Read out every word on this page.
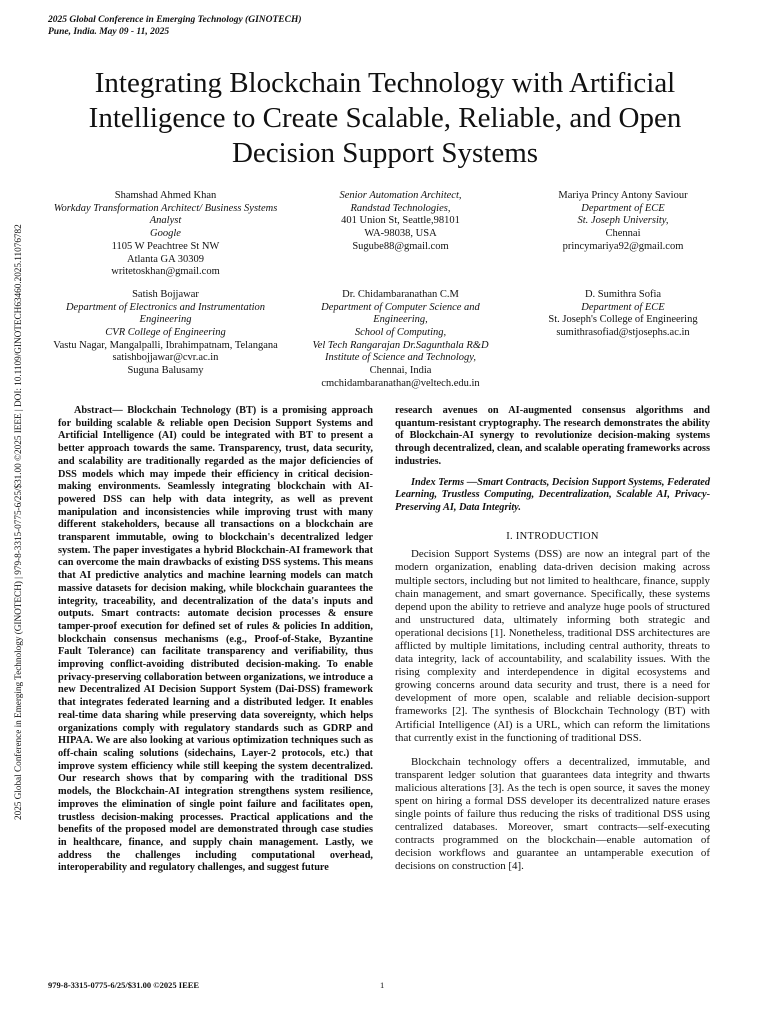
2025 Global Conference in Emerging Technology (GINOTECH)
Pune, India. May 09 - 11, 2025
2025 Global Conference in Emerging Technology (GINOTECH) | 979-8-3315-0775-6/25/$31.00 ©2025 IEEE | DOI: 10.1109/GINOTECH63460.2025.11076782
Integrating Blockchain Technology with Artificial Intelligence to Create Scalable, Reliable, and Open Decision Support Systems
Shamshad Ahmed Khan
Workday Transformation Architect/ Business Systems Analyst
Google
1105 W Peachtree St NW
Atlanta GA 30309
writetoskhan@gmail.com
Senior Automation Architect,
Randstad Technologies,
401 Union St, Seattle,98101
WA-98038, USA
Sugube88@gmail.com
Mariya Princy Antony Saviour
Department of ECE
St. Joseph University,
Chennai
princymariya92@gmail.com
Satish Bojjawar
Department of Electronics and Instrumentation Engineering
CVR College of Engineering
Vastu Nagar, Mangalpalli, Ibrahimpatnam, Telangana
satishbojjawar@cvr.ac.in
Suguna Balusamy
Dr. Chidambaranathan C.M
Department of Computer Science and Engineering,
School of Computing,
Vel Tech Rangarajan Dr.Sagunthala R&D Institute of Science and Technology,
Chennai, India
cmchidambaranathan@veltech.edu.in
D. Sumithra Sofia
Department of ECE
St. Joseph's College of Engineering
sumithrasofiad@stjosephs.ac.in

Abstract— Blockchain Technology (BT) is a promising approach for building scalable & reliable open Decision Support Systems and Artificial Intelligence (AI) could be integrated with BT to present a better approach towards the same. Transparency, trust, data security, and scalability are traditionally regarded as the major deficiencies of DSS models which may impede their efficiency in critical decision-making environments. Seamlessly integrating blockchain with AI-powered DSS can help with data integrity, as well as prevent manipulation and inconsistencies while improving trust with many different stakeholders, because all transactions on a blockchain are transparent immutable, owing to blockchain's decentralized ledger system. The paper investigates a hybrid Blockchain-AI framework that can overcome the main drawbacks of existing DSS systems. This means that AI predictive analytics and machine learning models can match massive datasets for decision making, while blockchain guarantees the integrity, traceability, and decentralization of the data's inputs and outputs. Smart contracts: automate decision processes & ensure tamper-proof execution for defined set of rules & policies In addition, blockchain consensus mechanisms (e.g., Proof-of-Stake, Byzantine Fault Tolerance) can facilitate transparency and verifiability, thus improving conflict-avoiding distributed decision-making. To enable privacy-preserving collaboration between organizations, we introduce a new Decentralized AI Decision Support System (Dai-DSS) framework that integrates federated learning and a distributed ledger. It enables real-time data sharing while preserving data sovereignty, which helps organizations comply with regulatory standards such as GDRP and HIPAA. We are also looking at various optimization techniques such as off-chain scaling solutions (sidechains, Layer-2 protocols, etc.) that improve system efficiency while still keeping the system decentralized. Our research shows that by comparing with the traditional DSS models, the Blockchain-AI integration strengthens system resilience, improves the elimination of single point failure and facilitates open, trustless decision-making processes. Practical applications and the benefits of the proposed model are demonstrated through case studies in healthcare, finance, and supply chain management. Lastly, we address the challenges including computational overhead, interoperability and regulatory challenges, and suggest future

research avenues on AI-augmented consensus algorithms and quantum-resistant cryptography. The research demonstrates the ability of Blockchain-AI synergy to revolutionize decision-making systems through decentralized, clean, and scalable operating frameworks across industries.

Index Terms —Smart Contracts, Decision Support Systems, Federated Learning, Trustless Computing, Decentralization, Scalable AI, Privacy-Preserving AI, Data Integrity.

I. INTRODUCTION

Decision Support Systems (DSS) are now an integral part of the modern organization, enabling data-driven decision making across multiple sectors, including but not limited to healthcare, finance, supply chain management, and smart governance. Specifically, these systems depend upon the ability to retrieve and analyze huge pools of structured and unstructured data, ultimately informing both strategic and operational decisions [1]. Nonetheless, traditional DSS architectures are afflicted by multiple limitations, including central authority, threats to data integrity, lack of accountability, and scalability issues. With the rising complexity and interdependence in digital ecosystems and growing concerns around data security and trust, there is a need for development of more open, scalable and reliable decision-support frameworks [2]. The synthesis of Blockchain Technology (BT) with Artificial Intelligence (AI) is a URL, which can reform the limitations that currently exist in the functioning of traditional DSS.

Blockchain technology offers a decentralized, immutable, and transparent ledger solution that guarantees data integrity and thwarts malicious alterations [3]. As the tech is open source, it saves the money spent on hiring a formal DSS developer its decentralized nature erases single points of failure thus reducing the risks of traditional DSS using centralized databases. Moreover, smart contracts—self-executing contracts programmed on the blockchain—enable automation of decision workflows and guarantee an untamperable execution of decisions on construction [4].

979-8-3315-0775-6/25/$31.00 ©2025 IEEE	1
